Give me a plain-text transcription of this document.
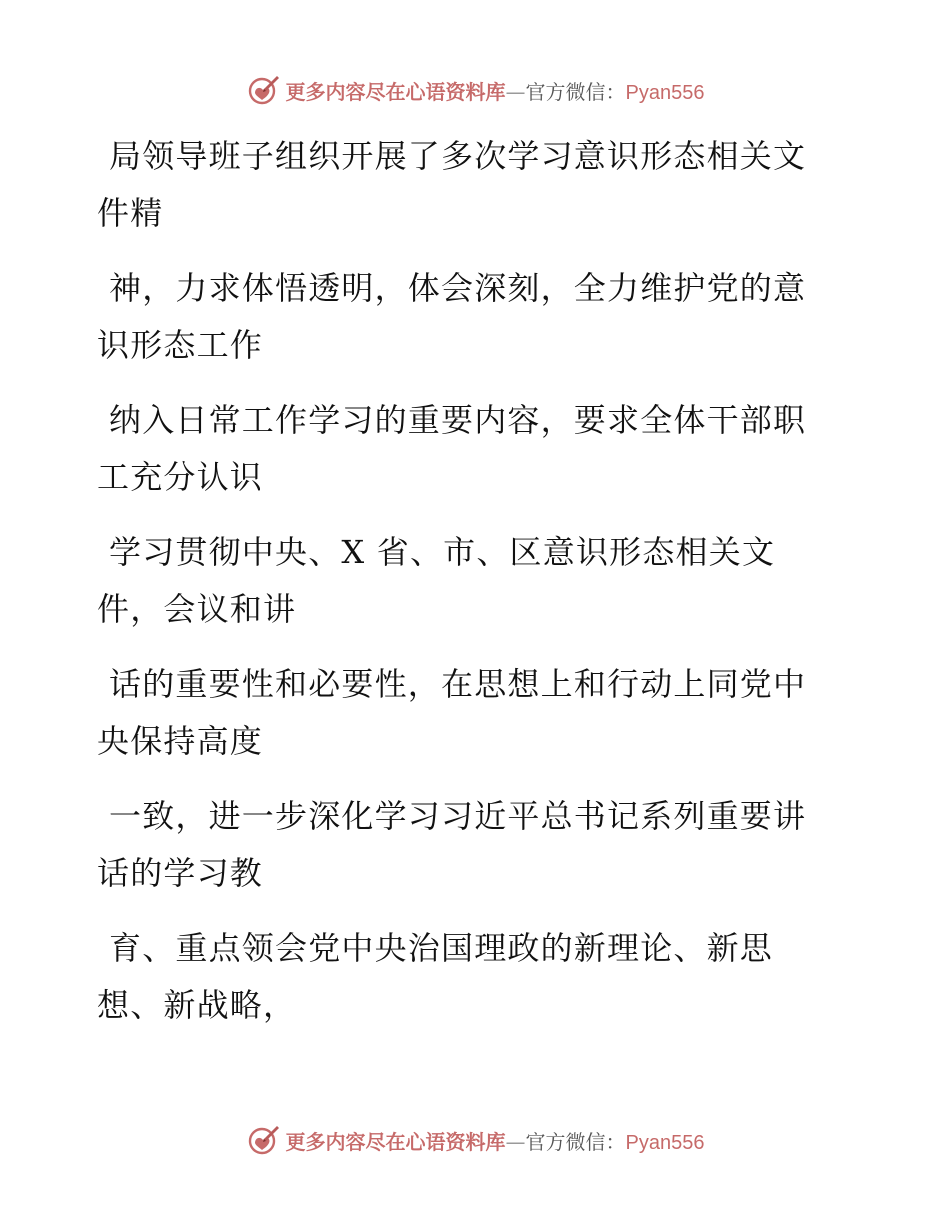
更多内容尽在心语资料库—官方微信：Pyan556
局领导班子组织开展了多次学习意识形态相关文
件精
神，力求体悟透明，体会深刻，全力维护党的意
识形态工作
纳入日常工作学习的重要内容，要求全体干部职
工充分认识
学习贯彻中央、X 省、市、区意识形态相关文
件，会议和讲
话的重要性和必要性，在思想上和行动上同党中
央保持高度
一致，进一步深化学习习近平总书记系列重要讲
话的学习教
育、重点领会党中央治国理政的新理论、新思
想、新战略，
更多内容尽在心语资料库—官方微信：Pyan556
